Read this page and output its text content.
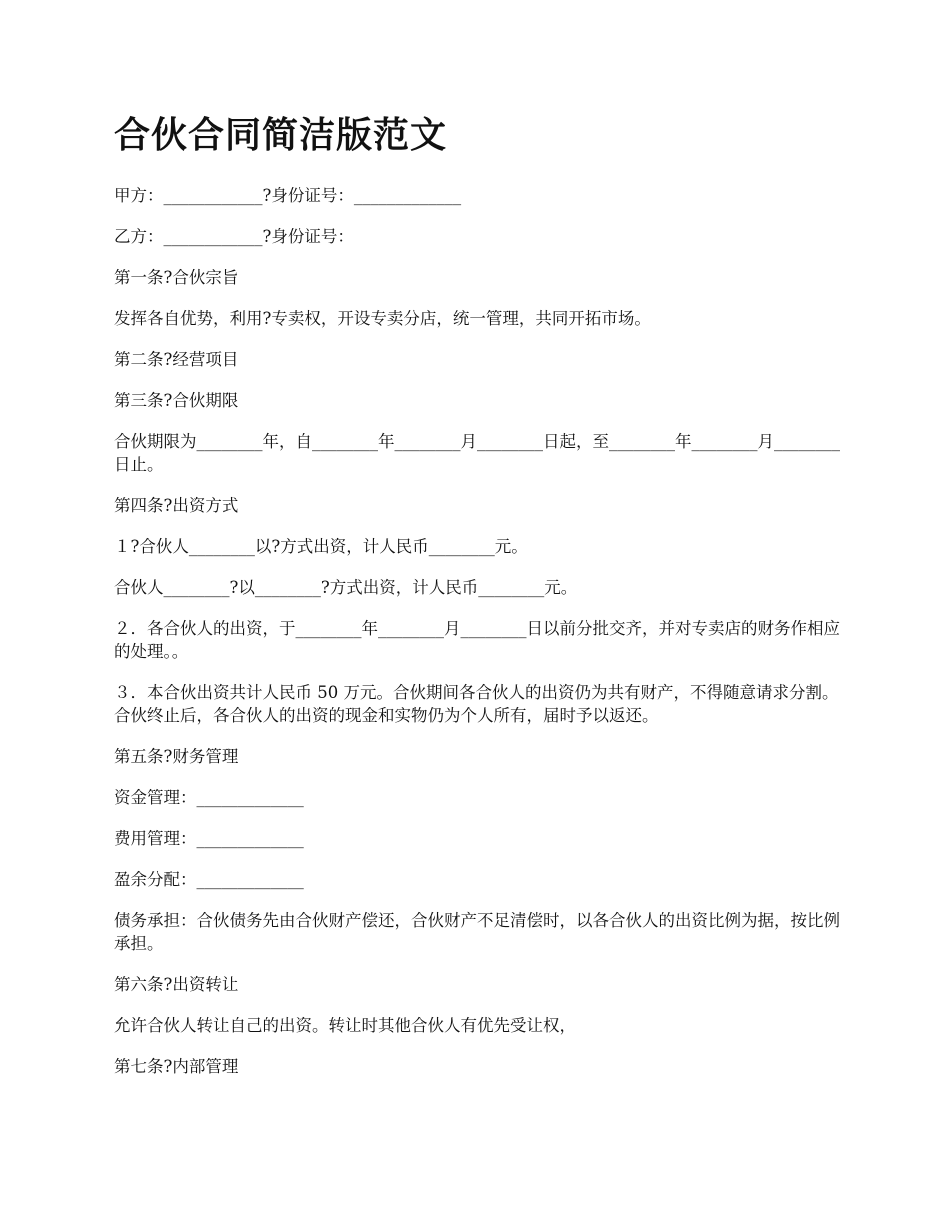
合伙合同简洁版范文

甲方：____________?身份证号：_____________

乙方：____________?身份证号：

第一条?合伙宗旨

发挥各自优势，利用?专卖权，开设专卖分店，统一管理，共同开拓市场。

第二条?经营项目

第三条?合伙期限

合伙期限为________年，自________年________月________日起，至________年________月________日止。

第四条?出资方式

１?合伙人________以?方式出资，计人民币________元。

合伙人________?以________?方式出资，计人民币________元。

２．各合伙人的出资，于________年________月________日以前分批交齐，并对专卖店的财务作相应的处理。。

３．本合伙出资共计人民币 50 万元。合伙期间各合伙人的出资仍为共有财产，不得随意请求分割。合伙终止后，各合伙人的出资的现金和实物仍为个人所有，届时予以返还。

第五条?财务管理

资金管理：_____________

费用管理：_____________

盈余分配：_____________

债务承担：合伙债务先由合伙财产偿还，合伙财产不足清偿时，以各合伙人的出资比例为据，按比例承担。

第六条?出资转让

允许合伙人转让自己的出资。转让时其他合伙人有优先受让权，

第七条?内部管理
